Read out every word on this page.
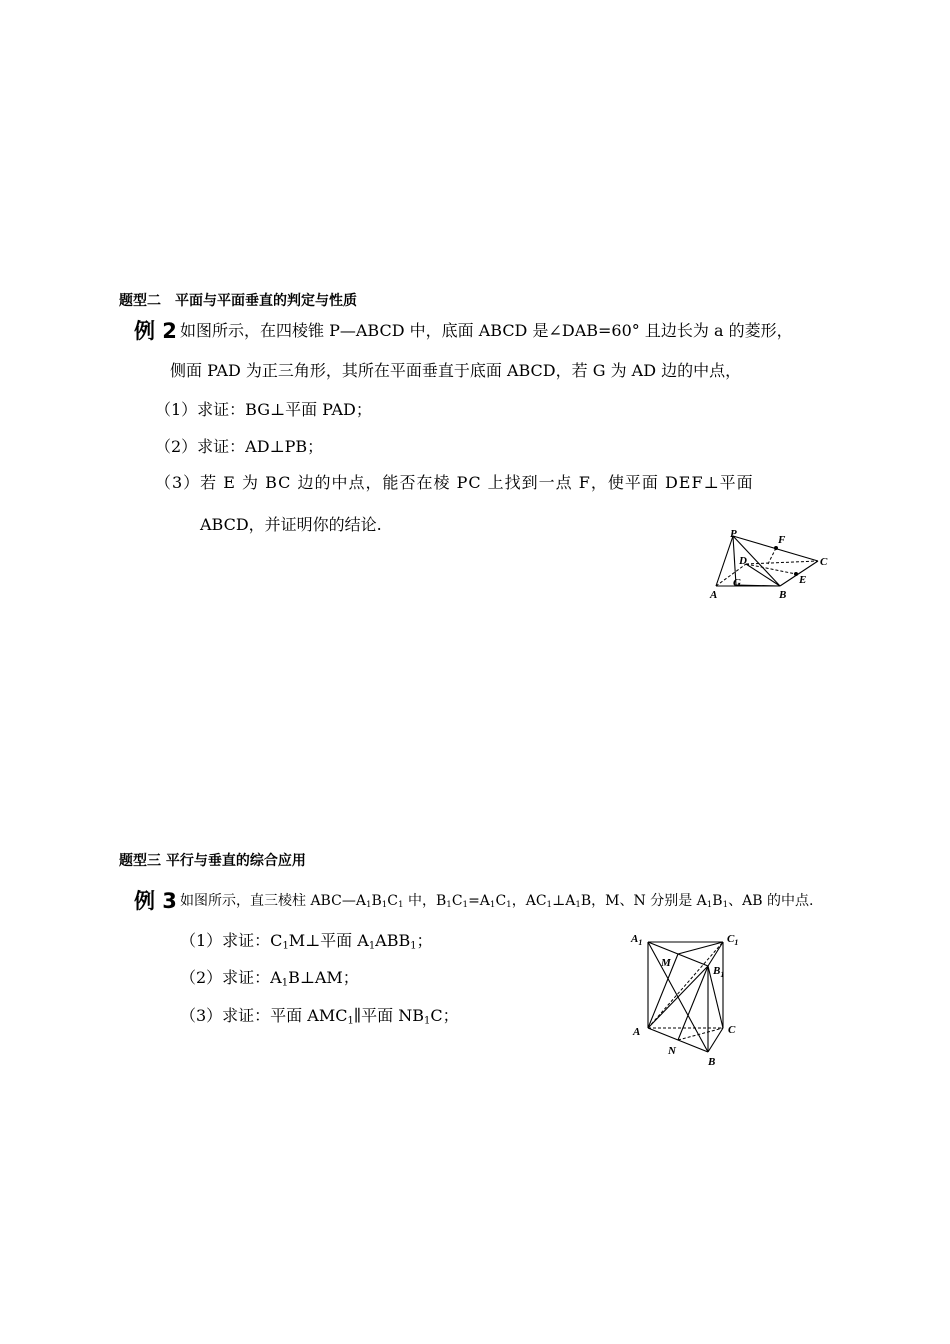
题型二　平面与平面垂直的判定与性质
例 2 如图所示，在四棱锥 P—ABCD 中，底面 ABCD 是∠DAB=60° 且边长为 a 的菱形，
侧面 PAD 为正三角形，其所在平面垂直于底面 ABCD，若 G 为 AD 边的中点，
（1）求证：BG⊥平面 PAD；
（2）求证：AD⊥PB；
（3）若 E 为 BC 边的中点，能否在棱 PC 上找到一点 F，使平面 DEF⊥平面
ABCD，并证明你的结论.	P	F
C
D
E
G
A	B
题型三 平行与垂直的综合应用
例 3 如图所示，直三棱柱 $ABC—A_1B_1C_1$ 中，$B_1C_1=A_1C_1$，$AC_1\perp A_1B$，M、N 分别是 $A_1B_1$、AB 的中点.
（1）求证：$C_1M\perp$平面 $A_1ABB_1$；
（2）求证：$A_1B\perp AM$；
（3）求证：平面 $AMC_1\parallel$平面 $NB_1C$；
$A_1$	$C_1$
M
$B_1$
A	C
N
B
